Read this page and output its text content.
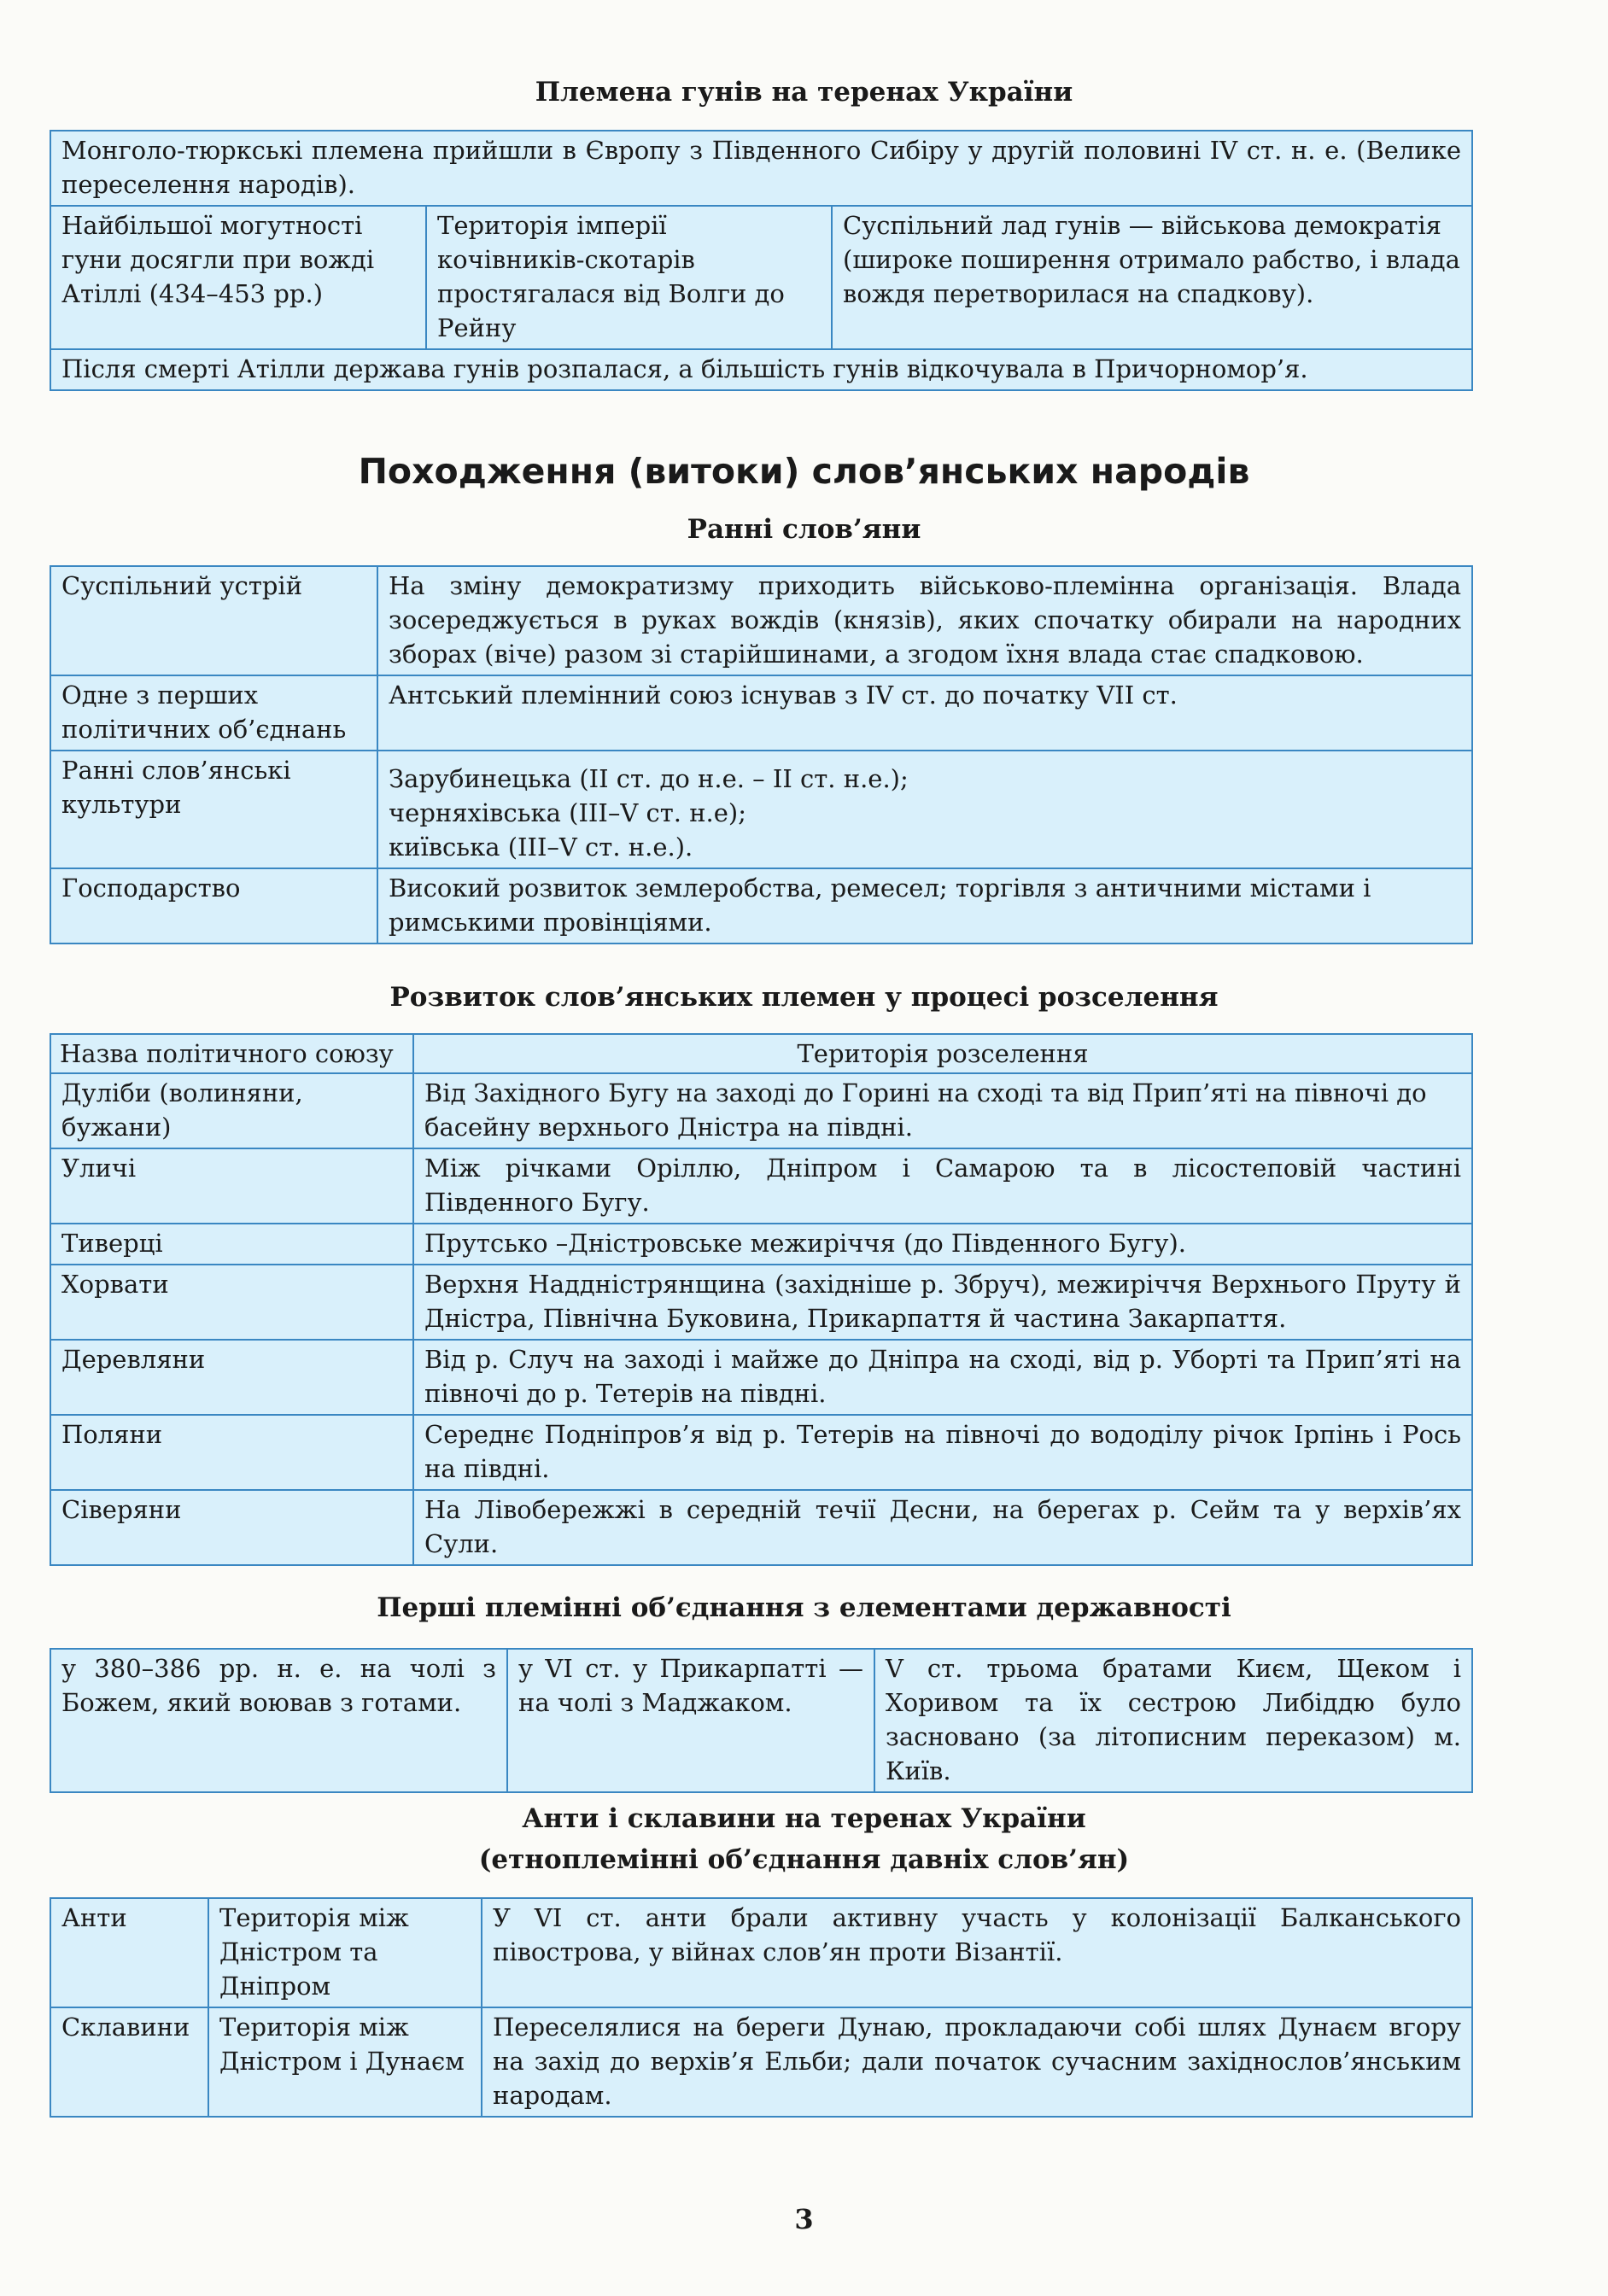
Племена гунів на теренах України
Монголо-тюркські племена прийшли в Європу з Південного Сибіру у другій половині IV ст. н. е. (Велике переселення народів).
Найбільшої могутності гуни досягли при вожді Атіллі (434–453 рр.)	Територія імперії кочівників-скотарів простягалася від Волги до Рейну	Суспільний лад гунів — військова демократія (широке поширення отримало рабство, і влада вождя перетворилася на спадкову).
Після смерті Атілли держава гунів розпалася, а більшість гунів відкочувала в Причорномор’я.
Походження (витоки) слов’янських народів
Ранні слов’яни
Суспільний устрій	На зміну демократизму приходить військово-племінна організація. Влада зосереджується в руках вождів (князів), яких спочатку обирали на народних зборах (віче) разом зі старійшинами, а згодом їхня влада стає спадковою.
Одне з перших політичних об’єднань	Антський племінний союз існував з IV ст. до початку VII ст.
Ранні слов’янські культури	Зарубинецька (II ст. до н.е. – II ст. н.е.);
черняхівська (III–V ст. н.е);
київська (III–V ст. н.е.).

Господарство	Високий розвиток землеробства, ремесел; торгівля з античними містами і римськими провінціями.
Розвиток слов’янських племен у процесі розселення
Назва політичного союзу	Територія розселення
Дуліби (волиняни, бужани)	Від Західного Бугу на заході до Горині на сході та від Прип’яті на півночі до басейну верхнього Дністра на півдні.
Уличі	Між річками Оріллю, Дніпром і Самарою та в лісостеповій частині Південного Бугу.
Тиверці	Прутсько –Дністровське межиріччя (до Південного Бугу).
Хорвати	Верхня Наддністрянщина (західніше р. Збруч), межиріччя Верхнього Пруту й Дністра, Північна Буковина, Прикарпаття й частина Закарпаття.
Деревляни	Від р. Случ на заході і майже до Дніпра на сході, від р. Уборті та Прип’яті на півночі до р. Тетерів на півдні.
Поляни	Середнє Подніпров’я від р. Тетерів на півночі до вододілу річок Ірпінь і Рось на півдні.
Сіверяни	На Лівобережжі в середній течії Десни, на берегах р. Сейм та у верхів’ях Сули.
Перші племінні об’єднання з елементами державності
у 380–386 рр. н. е. на чолі з Божем, який воював з готами.	у VI ст. у Прикарпатті — на чолі з Маджаком.	V ст. трьома братами Києм, Щеком і Хоривом та їх сестрою Либіддю було засновано (за літописним переказом) м. Київ.
Анти і склавини на теренах України
(етноплемінні об’єднання давніх слов’ян)
Анти	Територія між Дністром та Дніпром	У VI ст. анти брали активну участь у колонізації Балканського півострова, у війнах слов’ян проти Візантії.
Склавини	Територія між Дністром і Дунаєм	Переселялися на береги Дунаю, прокладаючи собі шлях Дунаєм вгору на захід до верхів’я Ельби; дали початок сучасним західнослов’янським народам.
3
